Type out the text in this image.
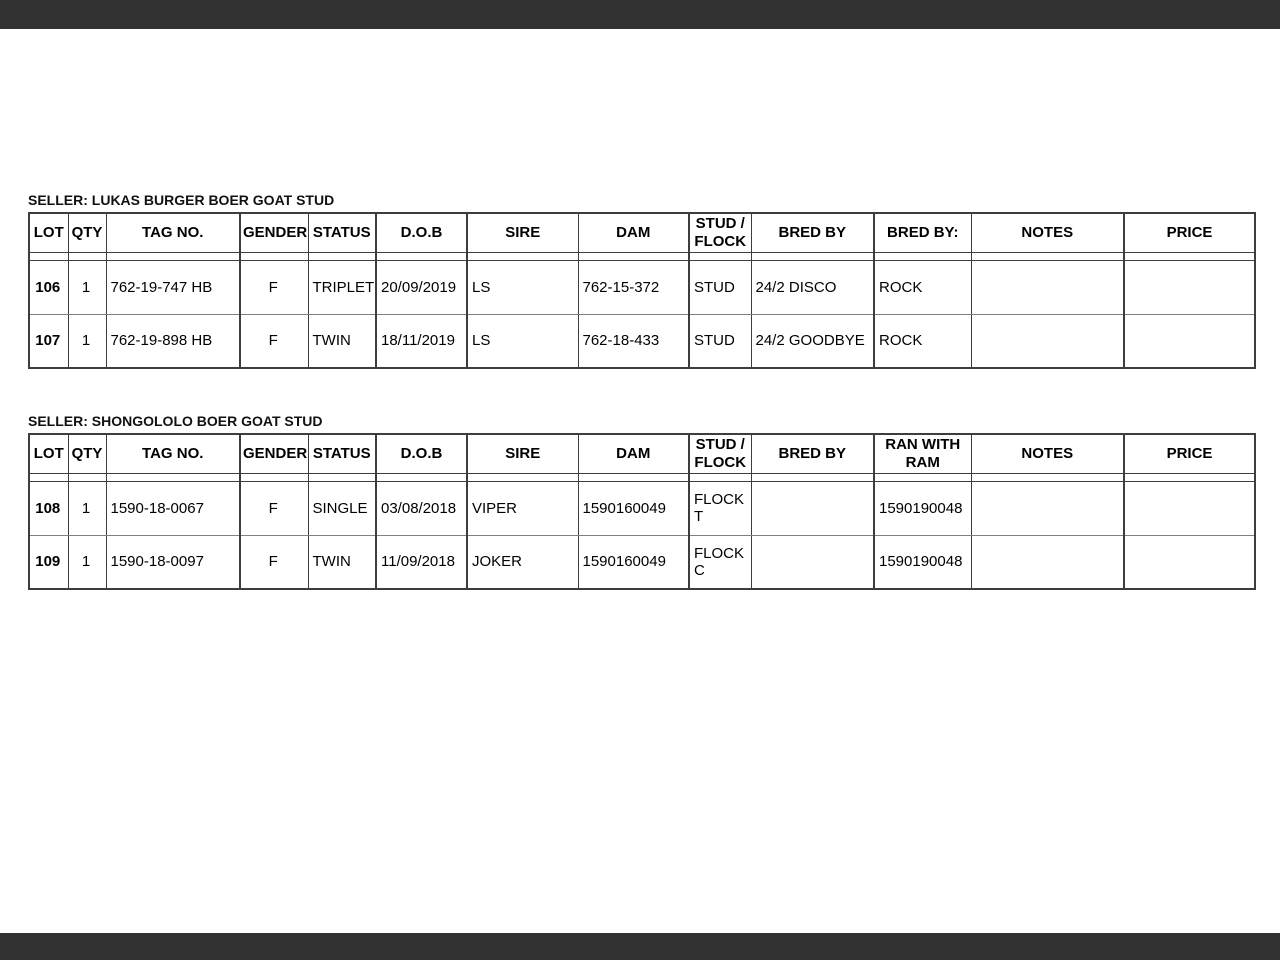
SELLER: LUKAS BURGER BOER GOAT STUD
LOT	QTY	TAG NO.	GENDER	STATUS	D.O.B	SIRE	DAM	STUD / FLOCK	BRED BY	BRED BY:	NOTES	PRICE

106	1	762-19-747 HB	F	TRIPLET	20/09/2019	LS	762-15-372	STUD	24/2 DISCO	ROCK		
107	1	762-19-898 HB	F	TWIN	18/11/2019	LS	762-18-433	STUD	24/2 GOODBYE	ROCK		
SELLER: SHONGOLOLO BOER GOAT STUD
LOT	QTY	TAG NO.	GENDER	STATUS	D.O.B	SIRE	DAM	STUD / FLOCK	BRED BY	RAN WITH RAM	NOTES	PRICE

108	1	1590-18-0067	F	SINGLE	03/08/2018	VIPER	1590160049	FLOCK T		1590190048		
109	1	1590-18-0097	F	TWIN	11/09/2018	JOKER	1590160049	FLOCK C		1590190048		
